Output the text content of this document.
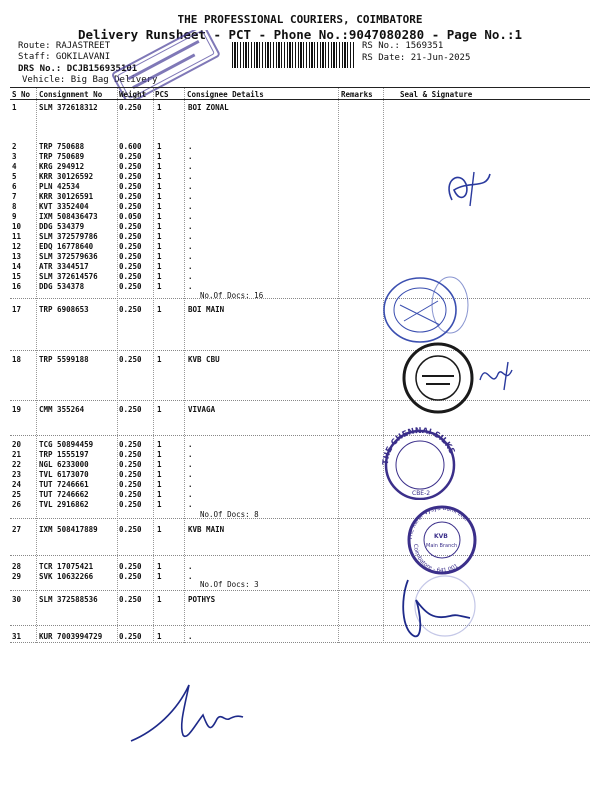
THE PROFESSIONAL COURIERS, COIMBATORE
Delivery Runsheet - PCT - Phone No.:9047080280 - Page No.:1
Route: RAJASTREET
Staff: GOKILAVANI
DRS No.: DCJB156935101
Vehicle: Big Bag Delivery
RS No.: 1569351
RS Date: 21-Jun-2025
S No Consignment No Weight PCS Consignee Details	Remarks	Seal & Signature
1	SLM 372618312	0.250 1	BOI ZONAL
2	TRP 750688	0.600 1	.
3	TRP 750689	0.250 1	.
4	KRG 294912	0.250 1	.
5	KRR 30126592	0.250 1	.
6	PLN 42534	0.250 1	.
7	KRR 30126591	0.250 1	.
8	KVT 3352404	0.250 1	.
9	IXM 508436473	0.050 1	.
10 DDG 534379	0.250 1	.
11 SLM 372579786	0.250 1	.
12 EDQ 16778640	0.250 1	.
13 SLM 372579636	0.250 1	.
14 ATR 3344517	0.250 1	.
15 SLM 372614576	0.250 1	.
16 DDG 534378	0.250 1	.
17 TRP 6908653	0.250 1	BOI MAIN
18 TRP 5599188	0.250 1	KVB CBU
19 CMM 355264	0.250 1	VIVAGA
20 TCG 50894459	0.250 1	.
21 TRP 1555197	0.250 1	.
22 NGL 6233000	0.250 1	.
23 TVL 6173070	0.250 1	.
24 TUT 7246661	0.250 1	.
25 TUT 7246662	0.250 1	.
26 TVL 2916862	0.250 1	.
27 IXM 508417889	0.250 1	KVB MAIN
28 TCR 17075421	0.250 1	.
29 SVK 10632266	0.250 1	.
30 SLM 372588536	0.250 1	POTHYS
31 KUR 7003994729 0.250 1	.
No.Of Docs: 16
No.Of Docs: 8
No.Of Docs: 3
THE CHENNAI SILKS
CBE-2
The Karur Vysya Bank Ltd.
Coimbatore - 641 001
KVB
Main Branch
